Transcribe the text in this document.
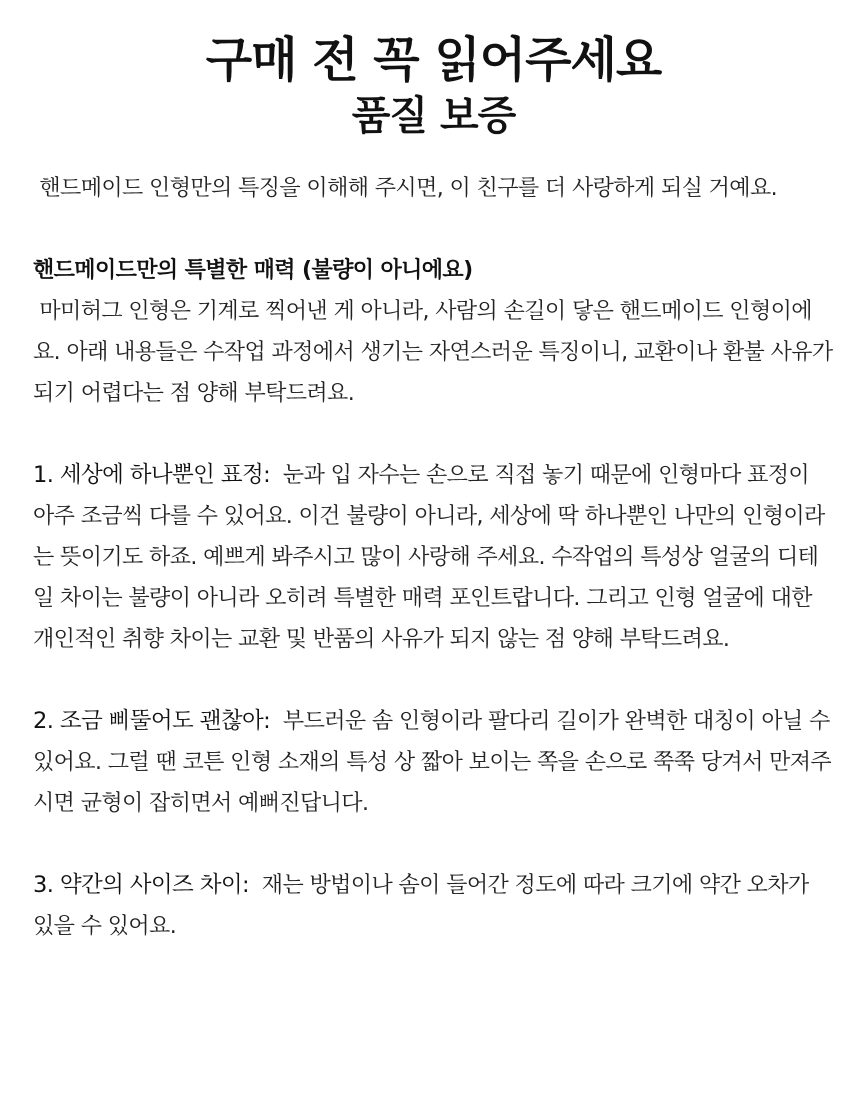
구매 전 꼭 읽어주세요
품질 보증

핸드메이드 인형만의 특징을 이해해 주시면, 이 친구를 더 사랑하게 되실 거예요.

핸드메이드만의 특별한 매력 (불량이 아니에요)

마미허그 인형은 기계로 찍어낸 게 아니라, 사람의 손길이 닿은 핸드메이드 인형이에요. 아래 내용들은 수작업 과정에서 생기는 자연스러운 특징이니, 교환이나 환불 사유가 되기 어렵다는 점 양해 부탁드려요.

1. 세상에 하나뿐인 표정: 눈과 입 자수는 손으로 직접 놓기 때문에 인형마다 표정이 아주 조금씩 다를 수 있어요. 이건 불량이 아니라, 세상에 딱 하나뿐인 나만의 인형이라는 뜻이기도 하죠. 예쁘게 봐주시고 많이 사랑해 주세요. 수작업의 특성상 얼굴의 디테일 차이는 불량이 아니라 오히려 특별한 매력 포인트랍니다. 그리고 인형 얼굴에 대한 개인적인 취향 차이는 교환 및 반품의 사유가 되지 않는 점 양해 부탁드려요.

2. 조금 삐뚤어도 괜찮아: 부드러운 솜 인형이라 팔다리 길이가 완벽한 대칭이 아닐 수 있어요. 그럴 땐 코튼 인형 소재의 특성 상 짧아 보이는 쪽을 손으로 쭉쭉 당겨서 만져주시면 균형이 잡히면서 예뻐진답니다.

3. 약간의 사이즈 차이: 재는 방법이나 솜이 들어간 정도에 따라 크기에 약간 오차가 있을 수 있어요.
